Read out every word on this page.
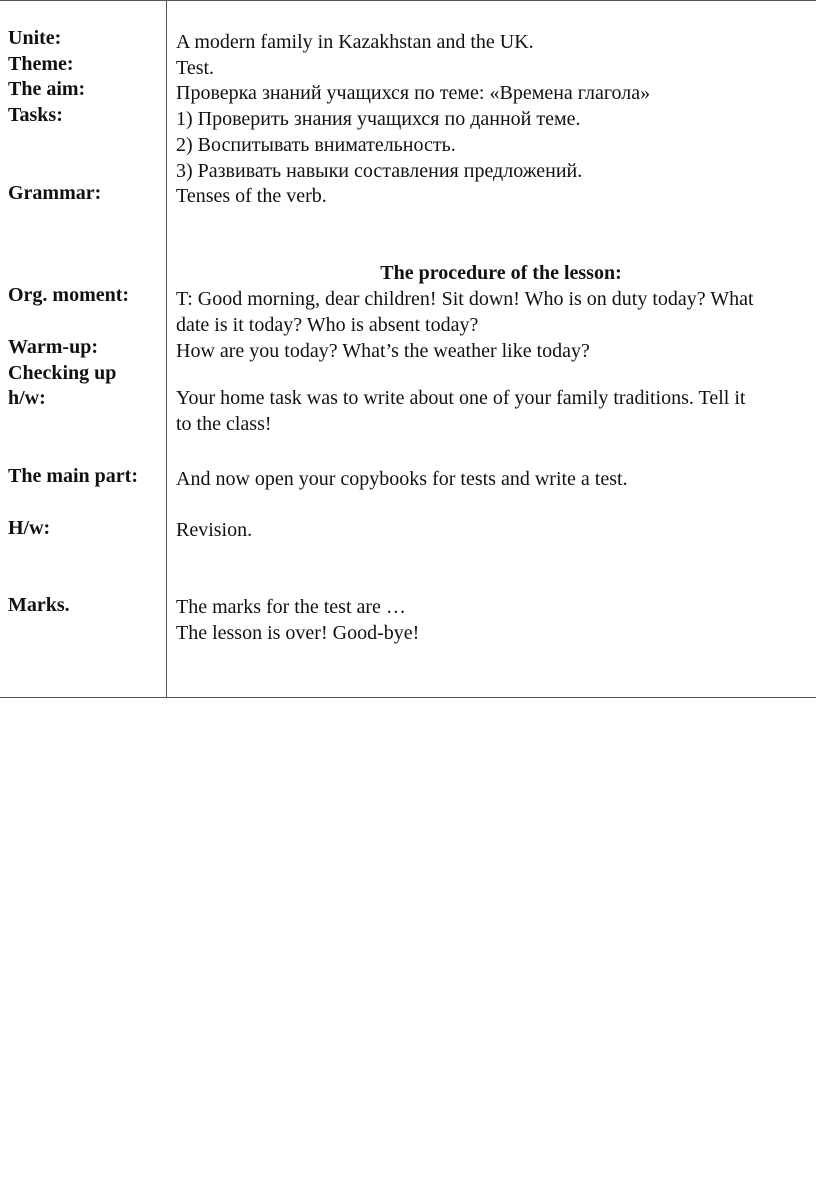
Unite:
Theme:
The aim:
Tasks:
Grammar:
Org. moment:
Warm-up:
Checking up
h/w:
The main part:
H/w:
Marks.
A modern family in Kazakhstan and the UK.
Test.
Проверка знаний учащихся по теме: «Времена глагола»
1) Проверить знания учащихся по данной теме.
2) Воспитывать внимательность.
3) Развивать навыки составления предложений.
Tenses of the verb.
The procedure of the lesson:
T: Good morning, dear children! Sit down! Who is on duty today? What
date is it today? Who is absent today?
How are you today? What’s the weather like today?
Your home task was to write about one of your family traditions. Tell it
to the class!
And now open your copybooks for tests and write a test.
Revision.
The marks for the test are …
The lesson is over! Good-bye!
